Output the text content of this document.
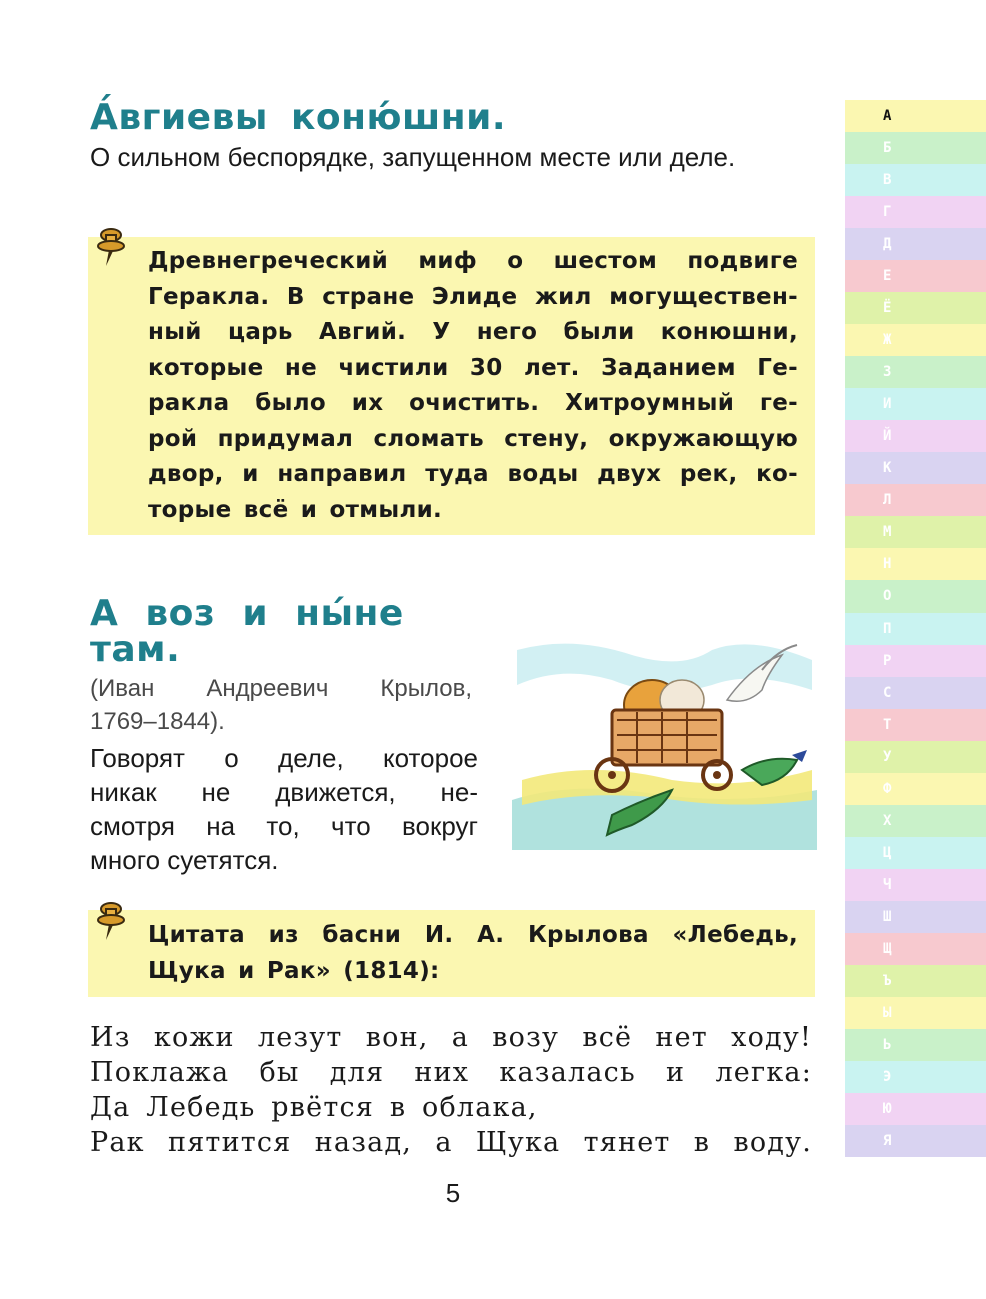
А́вгиевы коню́шни.

О сильном беспорядке, запущенном месте или деле.

Древнегреческий миф о шестом подвиге
Геракла. В стране Элиде жил могуществен-
ный царь Авгий. У него были конюшни,
которые не чистили 30 лет. Заданием Ге-
ракла было их очистить. Хитроумный ге-
рой придумал сломать стену, окружающую
двор, и направил туда воды двух рек, ко-
торые всё и отмыли.
А воз и ны́не
там.

(Иван Андреевич Крылов,
1769–1844).

Говорят о деле, которое
никак не движется, не-
смотря на то, что вокруг
много суетятся.
Цитата из басни И. А. Крылова «Лебедь,
Щука и Рак» (1814):
Из кожи лезут вон, а возу всё нет ходу!
Поклажа бы для них казалась и легка:
Да Лебедь рвётся в облака,
Рак пятится назад, а Щука тянет в воду.
5
А
Б
В
Г
Д
Е
Ё
Ж
З
И
Й
К
Л
М
Н
О
П
Р
С
Т
У
Ф
Х
Ц
Ч
Ш
Щ
Ъ
Ы
Ь
Э
Ю
Я
